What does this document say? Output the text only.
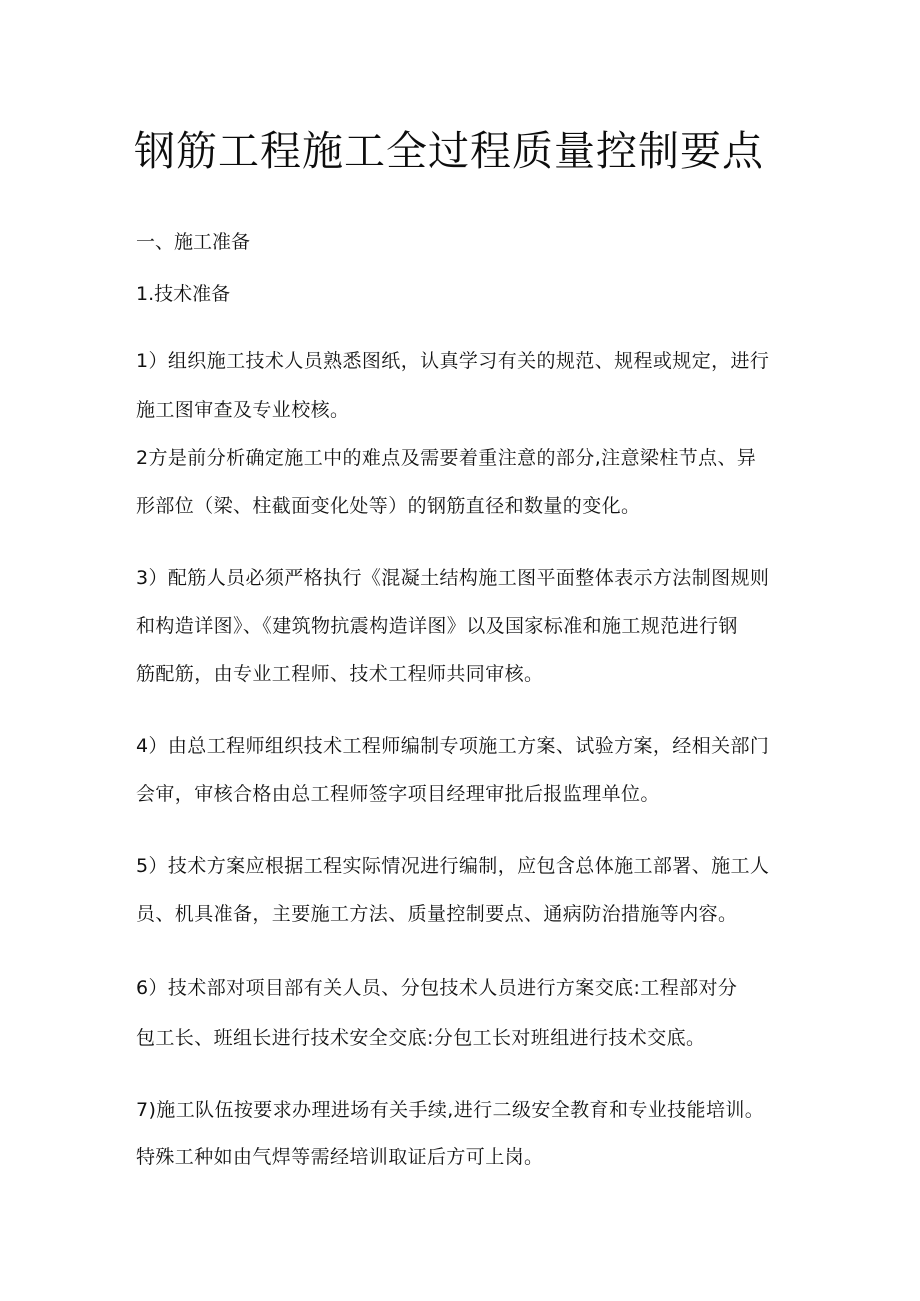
钢筋工程施工全过程质量控制要点

一、施工准备

1.技术准备

1）组织施工技术人员熟悉图纸，认真学习有关的规范、规程或规定，进行

施工图审查及专业校核。

2方是前分析确定施工中的难点及需要着重注意的部分,注意梁柱节点、异

形部位（梁、柱截面变化处等）的钢筋直径和数量的变化。

3）配筋人员必须严格执行《混凝土结构施工图平面整体表示方法制图规则

和构造详图》、《建筑物抗震构造详图》以及国家标准和施工规范进行钢

筋配筋，由专业工程师、技术工程师共同审核。

4）由总工程师组织技术工程师编制专项施工方案、试验方案，经相关部门

会审，审核合格由总工程师签字项目经理审批后报监理单位。

5）技术方案应根据工程实际情况进行编制，应包含总体施工部署、施工人

员、机具准备，主要施工方法、质量控制要点、通病防治措施等内容。

6）技术部对项目部有关人员、分包技术人员进行方案交底:工程部对分

包工长、班组长进行技术安全交底:分包工长对班组进行技术交底。

7)施工队伍按要求办理进场有关手续,进行二级安全教育和专业技能培训。

特殊工种如由气焊等需经培训取证后方可上岗。
